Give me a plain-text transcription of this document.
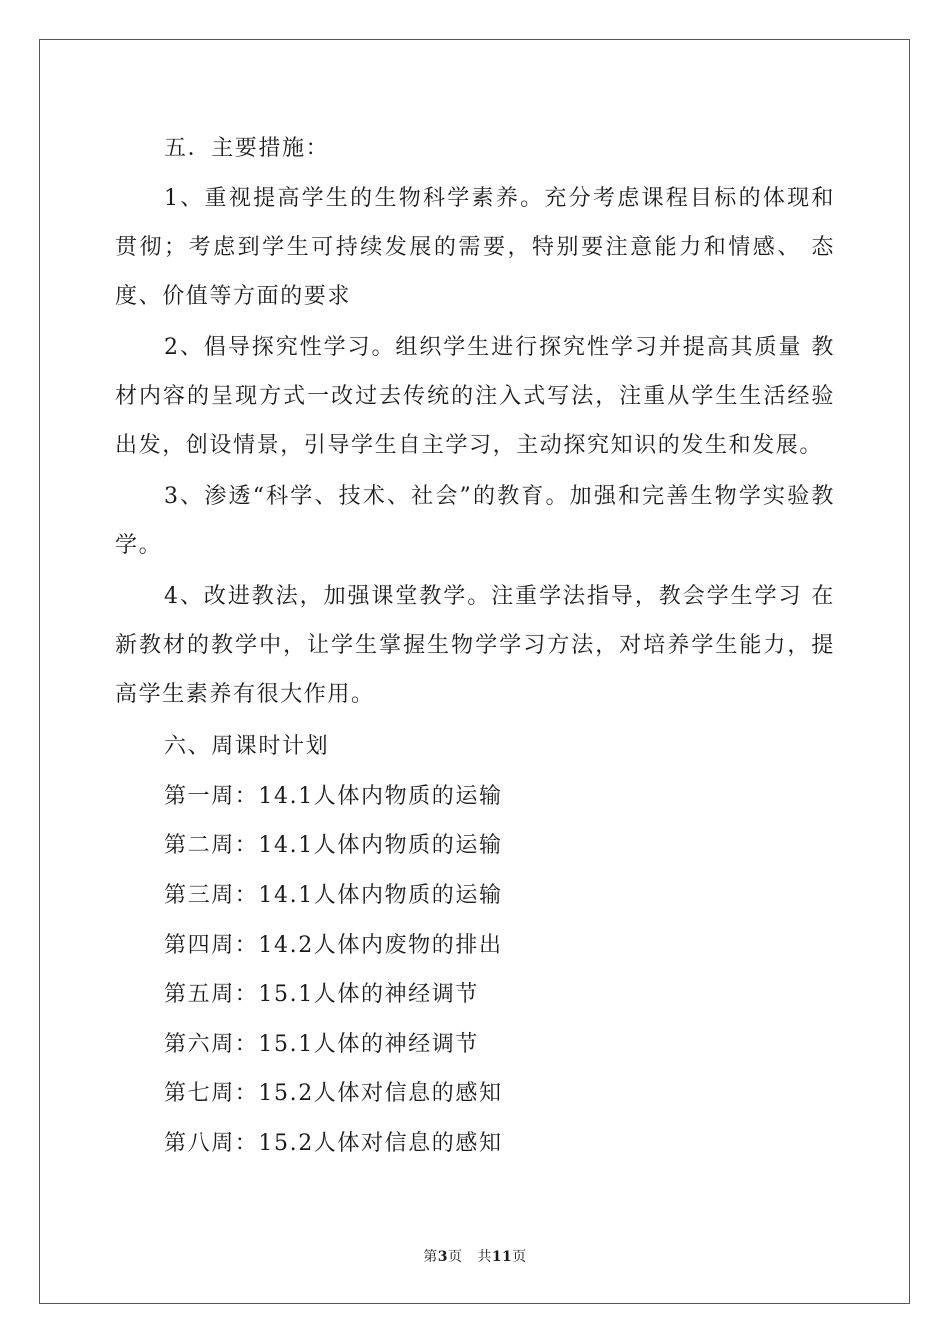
五．主要措施：

1、重视提高学生的生物科学素养。充分考虑课程目标的体现和贯彻；考虑到学生可持续发展的需要，特别要注意能力和情感、 态度、价值等方面的要求

2、倡导探究性学习。组织学生进行探究性学习并提高其质量 教材内容的呈现方式一改过去传统的注入式写法，注重从学生生活经验出发，创设情景，引导学生自主学习，主动探究知识的发生和发展。

3、渗透“科学、技术、社会”的教育。加强和完善生物学实验教学。

4、改进教法，加强课堂教学。注重学法指导，教会学生学习 在新教材的教学中，让学生掌握生物学学习方法，对培养学生能力，提高学生素养有很大作用。

六、周课时计划

第一周：14.1人体内物质的运输

第二周：14.1人体内物质的运输

第三周：14.1人体内物质的运输

第四周：14.2人体内废物的排出

第五周：15.1人体的神经调节

第六周：15.1人体的神经调节

第七周：15.2人体对信息的感知

第八周：15.2人体对信息的感知

第3页 共11页
